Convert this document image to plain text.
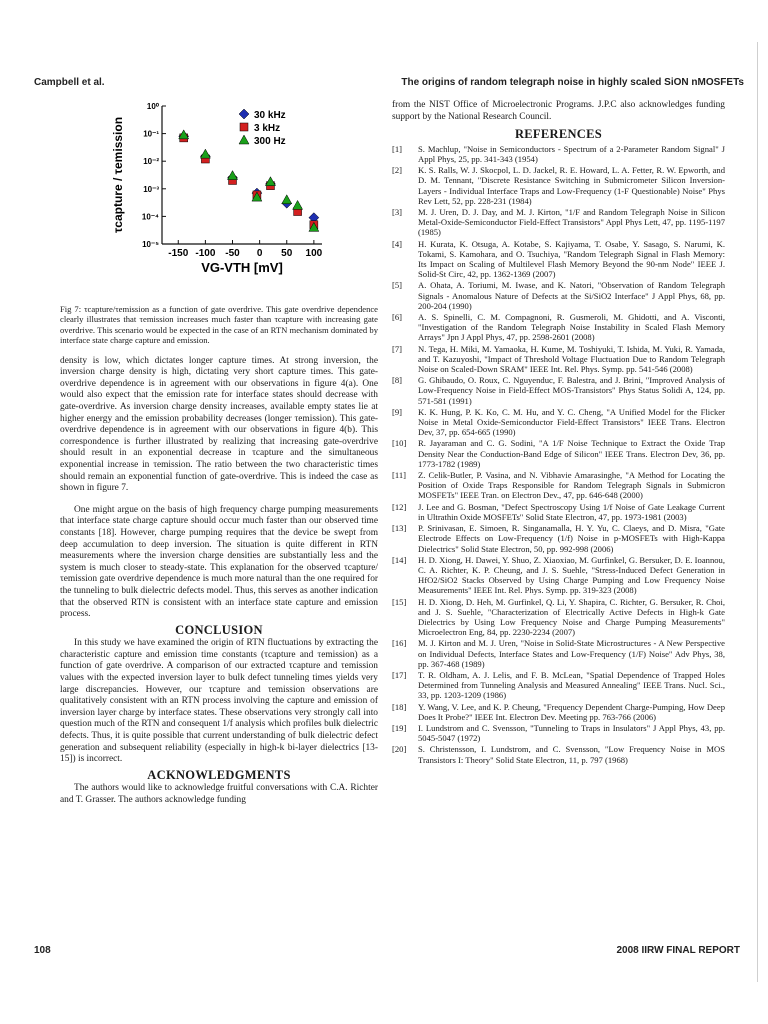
Campbell et al.	The origins of random telegraph noise in highly scaled SiON nMOSFETs
-150 -100 -50 0 50 100
10⁰
10⁻¹
10⁻²
10⁻³
10⁻⁴
10⁻⁵
VG-VTH [mV]
τcapture / τemission
30 kHz
3 kHz
300 Hz
Fig 7: τcapture/τemission as a function of gate overdrive. This gate overdrive dependence clearly illustrates that τemission increases much faster than τcapture with increasing gate overdrive. This scenario would be expected in the case of an RTN mechanism dominated by interface state charge capture and emission.

density is low, which dictates longer capture times. At strong inversion, the inversion charge density is high, dictating very short capture times. This gate-overdrive dependence is in agreement with our observations in figure 4(a). One would also expect that the emission rate for interface states should decrease with gate-overdrive. As inversion charge density increases, available empty states lie at higher energy and the emission probability decreases (longer τemission). This gate-overdrive dependence is in agreement with our observations in figure 4(b). This correspondence is further illustrated by realizing that increasing gate-overdrive should result in an exponential decrease in τcapture and the simultaneous exponential increase in τemission. The ratio between the two characteristic times should remain an exponential function of gate-overdrive. This is indeed the case as shown in figure 7.

One might argue on the basis of high frequency charge pumping measurements that interface state charge capture should occur much faster than our observed time constants [18]. However, charge pumping requires that the device be swept from deep accumulation to deep inversion. The situation is quite different in RTN measurements where the inversion charge densities are substantially less and the system is much closer to steady-state. This explanation for the observed τcapture/τemission gate overdrive dependence is much more natural than the one required for the tunneling to bulk dielectric defects model. Thus, this serves as another indication that the observed RTN is consistent with an interface state capture and emission process.

CONCLUSION

In this study we have examined the origin of RTN fluctuations by extracting the characteristic capture and emission time constants (τcapture and τemission) as a function of gate overdrive. A comparison of our extracted τcapture and τemission values with the expected inversion layer to bulk defect tunneling times yields very large discrepancies. However, our τcapture and τemission observations are qualitatively consistent with an RTN process involving the capture and emission of inversion layer charge by interface states. These observations very strongly call into question much of the RTN and consequent 1/f analysis which profiles bulk dielectric defects. Thus, it is quite possible that current understanding of bulk dielectric defect generation and subsequent reliability (especially in high-k bi-layer dielectrics [13-15]) is incorrect.

ACKNOWLEDGMENTS

The authors would like to acknowledge fruitful conversations with C.A. Richter and T. Grasser. The authors acknowledge funding

from the NIST Office of Microelectronic Programs. J.P.C also acknowledges funding support by the National Research Council.

REFERENCES
[1]	S. Machlup, "Noise in Semiconductors - Spectrum of a 2-Parameter Random Signal" J Appl Phys, 25, pp. 341-343 (1954)
[2]	K. S. Ralls, W. J. Skocpol, L. D. Jackel, R. E. Howard, L. A. Fetter, R. W. Epworth, and D. M. Tennant, "Discrete Resistance Switching in Submicrometer Silicon Inversion-Layers - Individual Interface Traps and Low-Frequency (1-F Questionable) Noise" Phys Rev Lett, 52, pp. 228-231 (1984)
[3]	M. J. Uren, D. J. Day, and M. J. Kirton, "1/F and Random Telegraph Noise in Silicon Metal-Oxide-Semiconductor Field-Effect Transistors" Appl Phys Lett, 47, pp. 1195-1197 (1985)
[4]	H. Kurata, K. Otsuga, A. Kotabe, S. Kajiyama, T. Osabe, Y. Sasago, S. Narumi, K. Tokami, S. Kamohara, and O. Tsuchiya, "Random Telegraph Signal in Flash Memory: Its Impact on Scaling of Multilevel Flash Memory Beyond the 90-nm Node" IEEE J. Solid-St Circ, 42, pp. 1362-1369 (2007)
[5]	A. Ohata, A. Toriumi, M. Iwase, and K. Natori, "Observation of Random Telegraph Signals - Anomalous Nature of Defects at the Si/SiO2 Interface" J Appl Phys, 68, pp. 200-204 (1990)
[6]	A. S. Spinelli, C. M. Compagnoni, R. Gusmeroli, M. Ghidotti, and A. Visconti, "Investigation of the Random Telegraph Noise Instability in Scaled Flash Memory Arrays" Jpn J Appl Phys, 47, pp. 2598-2601 (2008)
[7]	N. Tega, H. Miki, M. Yamaoka, H. Kume, M. Toshiyuki, T. Ishida, M. Yuki, R. Yamada, and T. Kazuyoshi, "Impact of Threshold Voltage Fluctuation Due to Random Telegraph Noise on Scaled-Down SRAM" IEEE Int. Rel. Phys. Symp. pp. 541-546 (2008)
[8]	G. Ghibaudo, O. Roux, C. Nguyenduc, F. Balestra, and J. Brini, "Improved Analysis of Low-Frequency Noise in Field-Effect MOS-Transistors" Phys Status Solidi A, 124, pp. 571-581 (1991)
[9]	K. K. Hung, P. K. Ko, C. M. Hu, and Y. C. Cheng, "A Unified Model for the Flicker Noise in Metal Oxide-Semiconductor Field-Effect Transistors" IEEE Trans. Electron Dev, 37, pp. 654-665 (1990)
[10]	R. Jayaraman and C. G. Sodini, "A 1/F Noise Technique to Extract the Oxide Trap Density Near the Conduction-Band Edge of Silicon" IEEE Trans. Electron Dev, 36, pp. 1773-1782 (1989)
[11]	Z. Celik-Butler, P. Vasina, and N. Vibhavie Amarasinghe, "A Method for Locating the Position of Oxide Traps Responsible for Random Telegraph Signals in Submicron MOSFETs" IEEE Tran. on Electron Dev., 47, pp. 646-648 (2000)
[12]	J. Lee and G. Bosman, "Defect Spectroscopy Using 1/f Noise of Gate Leakage Current in Ultrathin Oxide MOSFETs" Solid State Electron, 47, pp. 1973-1981 (2003)
[13]	P. Srinivasan, E. Simoen, R. Singanamalla, H. Y. Yu, C. Claeys, and D. Misra, "Gate Electrode Effects on Low-Frequency (1/f) Noise in p-MOSFETs with High-Kappa Dielectrics" Solid State Electron, 50, pp. 992-998 (2006)
[14]	H. D. Xiong, H. Dawei, Y. Shuo, Z. Xiaoxiao, M. Gurfinkel, G. Bersuker, D. E. Ioannou, C. A. Richter, K. P. Cheung, and J. S. Suehle, "Stress-Induced Defect Generation in HfO2/SiO2 Stacks Observed by Using Charge Pumping and Low Frequency Noise Measurements" IEEE Int. Rel. Phys. Symp. pp. 319-323 (2008)
[15]	H. D. Xiong, D. Heh, M. Gurfinkel, Q. Li, Y. Shapira, C. Richter, G. Bersuker, R. Choi, and J. S. Suehle, "Characterization of Electrically Active Defects in High-k Gate Dielectrics by Using Low Frequency Noise and Charge Pumping Measurements" Microelectron Eng, 84, pp. 2230-2234 (2007)
[16]	M. J. Kirton and M. J. Uren, "Noise in Solid-State Microstructures - A New Perspective on Individual Defects, Interface States and Low-Frequency (1/F) Noise" Adv Phys, 38, pp. 367-468 (1989)
[17]	T. R. Oldham, A. J. Lelis, and F. B. McLean, "Spatial Dependence of Trapped Holes Determined from Tunneling Analysis and Measured Annealing" IEEE Trans. Nucl. Sci., 33, pp. 1203-1209 (1986)
[18]	Y. Wang, V. Lee, and K. P. Cheung, "Frequency Dependent Charge-Pumping, How Deep Does It Probe?" IEEE Int. Electron Dev. Meeting pp. 763-766 (2006)
[19]	I. Lundstrom and C. Svensson, "Tunneling to Traps in Insulators" J Appl Phys, 43, pp. 5045-5047 (1972)
[20]	S. Christensson, I. Lundstrom, and C. Svensson, "Low Frequency Noise in MOS Transistors I: Theory" Solid State Electron, 11, p. 797 (1968)
108	2008 IIRW FINAL REPORT
